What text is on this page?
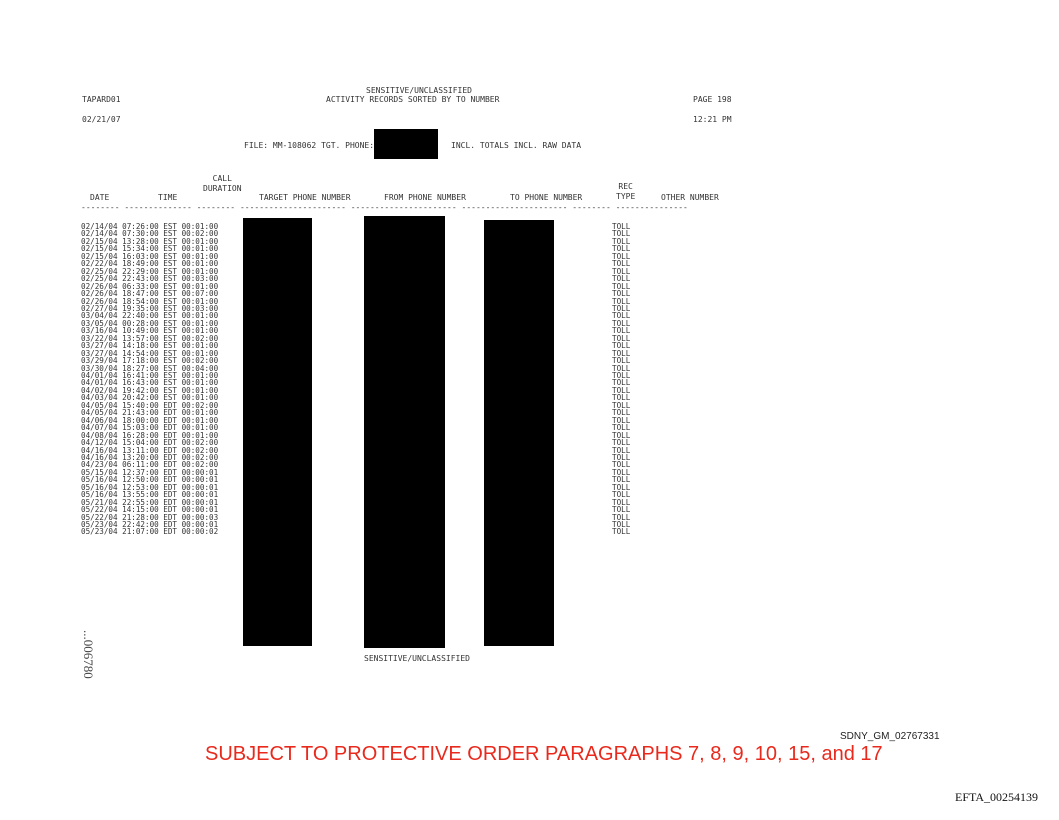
SENSITIVE/UNCLASSIFIED
TAPARD01	ACTIVITY RECORDS SORTED BY TO NUMBER	PAGE 198
02/21/07	12:21 PM
FILE: MM-108062 TGT. PHONE:	INCL. TOTALS INCL. RAW DATA
DATE	TIME
CALL
DURATION
TARGET PHONE NUMBER	FROM PHONE NUMBER	TO PHONE NUMBER
REC
TYPE	OTHER NUMBER
-------- -------------- -------- ---------------------- ---------------------- ---------------------- -------- ---------------
02/14/04 07:26:00 EST 00:01:00	TOLL
02/14/04 07:30:00 EST 00:02:00	TOLL
02/15/04 13:28:00 EST 00:01:00	TOLL
02/15/04 15:34:00 EST 00:01:00	TOLL
02/15/04 16:03:00 EST 00:01:00	TOLL
02/22/04 18:49:00 EST 00:01:00	TOLL
02/25/04 22:29:00 EST 00:01:00	TOLL
02/25/04 22:43:00 EST 00:03:00	TOLL
02/26/04 06:33:00 EST 00:01:00	TOLL
02/26/04 18:47:00 EST 00:07:00	TOLL
02/26/04 18:54:00 EST 00:01:00	TOLL
02/27/04 19:35:00 EST 00:03:00	TOLL
03/04/04 22:40:00 EST 00:01:00	TOLL
03/05/04 00:28:00 EST 00:01:00	TOLL
03/16/04 10:49:00 EST 00:01:00	TOLL
03/22/04 13:57:00 EST 00:02:00	TOLL
03/27/04 14:18:00 EST 00:01:00	TOLL
03/27/04 14:54:00 EST 00:01:00	TOLL
03/29/04 17:18:00 EST 00:02:00	TOLL
03/30/04 18:27:00 EST 00:04:00	TOLL
04/01/04 16:41:00 EST 00:01:00	TOLL
04/01/04 16:43:00 EST 00:01:00	TOLL
04/02/04 19:42:00 EST 00:01:00	TOLL
04/03/04 20:42:00 EST 00:01:00	TOLL
04/05/04 15:40:00 EDT 00:02:00	TOLL
04/05/04 21:43:00 EDT 00:01:00	TOLL
04/06/04 18:00:00 EDT 00:01:00	TOLL
04/07/04 15:03:00 EDT 00:01:00	TOLL
04/08/04 16:28:00 EDT 00:01:00	TOLL
04/12/04 15:04:00 EDT 00:02:00	TOLL
04/16/04 13:11:00 EDT 00:02:00	TOLL
04/16/04 13:20:00 EDT 00:02:00	TOLL
04/23/04 06:11:00 EDT 00:02:00	TOLL
05/15/04 12:37:00 EDT 00:00:01	TOLL
05/16/04 12:50:00 EDT 00:00:01	TOLL
05/16/04 12:53:00 EDT 00:00:01	TOLL
05/16/04 13:55:00 EDT 00:00:01	TOLL
05/21/04 22:55:00 EDT 00:00:01	TOLL
05/22/04 14:15:00 EDT 00:00:01	TOLL
05/22/04 21:28:00 EDT 00:00:03	TOLL
05/23/04 22:42:00 EDT 00:00:01	TOLL
05/23/04 21:07:00 EDT 00:00:02	TOLL
SENSITIVE/UNCLASSIFIED
...006780
SDNY_GM_02767331
SUBJECT TO PROTECTIVE ORDER PARAGRAPHS 7, 8, 9, 10, 15, and 17
EFTA_00254139
